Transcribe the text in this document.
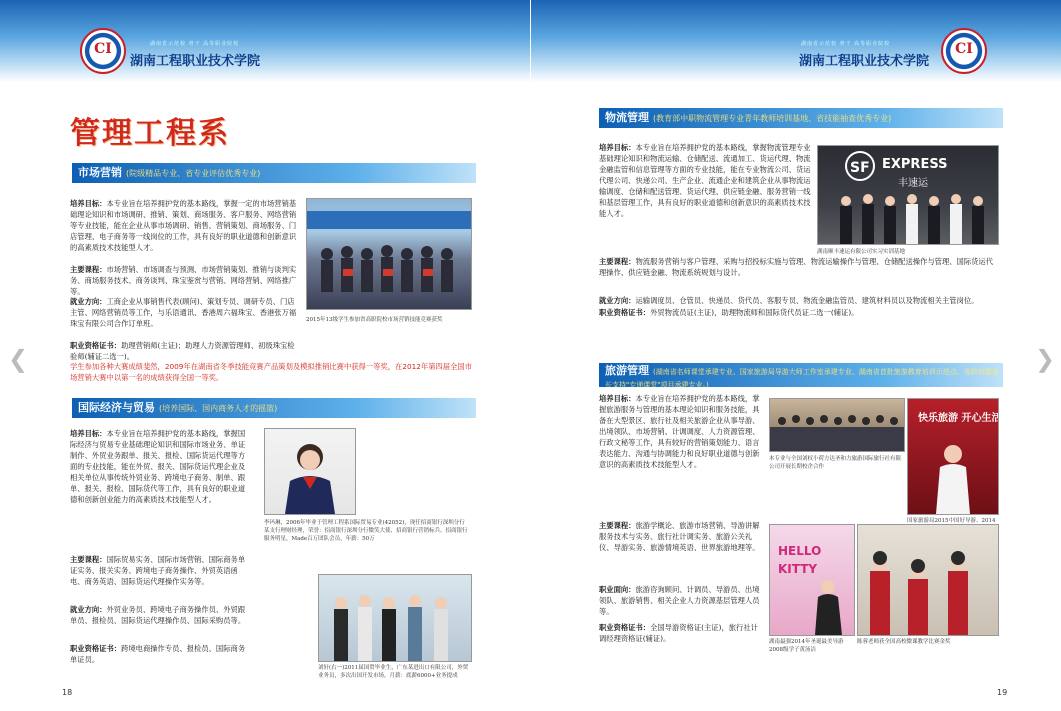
湖南省示范校 骨干 高等职业院校
CI
湖南工程职业技术学院
管理工程系
市场营销 (院级精品专业、省专业评估优秀专业)
培养目标：本专业旨在培养拥护党的基本路线，掌握一定的市场营销基础理论知识和市场调研、推销、策划、商场服务、客户服务、网络营销等专业技能，能在企业从事市场调研、销售、营销策划、商场服务、门店管理、电子商务等一线岗位的工作，具有良好的职业道德和创新意识的高素质技术技能型人才。
主要课程：市场营销、市场调查与预测、市场营销策划、推销与谈判实务、商场服务技术、商务谈判、珠宝鉴赏与营销、网络营销、网络推广等。
就业方向：工商企业从事销售代表(顾问)、策划专员、调研专员、门店主管、网络营销员等工作，与乐语通讯、香港周六福珠宝、香港张万福珠宝有限公司合作订单班。
职业资格证书：助理营销师(主证)；助理人力资源管理师、初级珠宝检验师(辅证二选一)。
学生参加各种大赛成绩斐然，2009年在湖南省冬季技能竞赛产品策划及模拟推销比赛中获得一等奖，在2012年第四届全国市场营销大赛中以第一名的成绩获得全国一等奖。
2015年13级学生参加省高职院校市场营销技能竞赛获奖
国际经济与贸易 (培养国际、国内商务人才的摇篮)
培养目标：本专业旨在培养拥护党的基本路线，掌握国际经济与贸易专业基础理论知识和国际市场业务、单证制作、外贸业务跟单、报关、报检、国际货运代理等方面的专业技能，能在外贸、报关、国际货运代理企业及相关单位从事传统外贸业务、跨境电子商务、制单、跟单、报关、报检、国际货代等工作，具有良好的职业道德和创新创业能力的高素质技术技能型人才。
主要课程：国际贸易实务、国际市场营销、国际商务单证实务、报关实务、跨境电子商务操作、外贸英语函电、商务英语、国际货运代理操作实务等。
就业方向：外贸业务员、跨境电子商务操作员、外贸跟单员、报检员、国际货运代理操作员、国际采购员等。
职业资格证书：跨境电商操作专员、报检员、国际商务单证员。
李玛琳，2006年毕业于管理工程系国际贸易专业(42052)，现任招商银行深圳分行某支行理财经理，荣誉：招商银行深圳分行微笑大使、招商银行营销标兵、招商银行服务明星，Made百万团队会员，年薪：50万
刘轩(右一)2011届国贸毕业生，广东某进出口有限公司，外贸业务员，多次出国开发市场，月薪：底薪6000+业务提成
18
❮
湖南省示范校 骨干 高等职业院校
湖南工程职业技术学院
CI
物流管理 (教育部中职物流管理专业青年教师培训基地、省技能抽查优秀专业)
培养目标：本专业旨在培养拥护党的基本路线，掌握物流管理专业基础理论知识和物流运输、仓储配送、流通加工、货运代理、物流金融监管和信息管理等方面的专业技能，能在专业物流公司、货运代理公司、快递公司、生产企业、流通企业和建筑企业从事物流运输调度、仓储和配送管理、货运代理、供应链金融、服务营销一线和基层管理工作，具有良好的职业道德和创新意识的高素质技术技能人才。
主要课程：物流服务营销与客户管理、采购与招投标实施与管理、物流运输操作与管理、仓储配送操作与管理、国际货运代理操作、供应链金融、物流系统规划与设计。
就业方向：运输调度员、仓管员、快递员、货代员、客服专员、物流金融监管员、建筑材料员以及物流相关主管岗位。
职业资格证书：外贸物流员证(主证)，助理物流师和国际货代员证二选一(辅证)。
SF EXPRESS
丰速运
湖南顺丰速运有限公司实习实训基地
旅游管理 (湖南省名师课堂承建专业、国家旅游局导游大师工作室承建专业、湖南省首批旅游教育培训示范点、省政府副省长支持"专递课堂"项目承建专业。)
培养目标：本专业旨在培养拥护党的基本路线，掌握旅游服务与管理的基本理论知识和服务技能，具备在大型景区、旅行社及相关旅游企业从事导游、出境领队、市场营销、计调调度、人力资源管理、行政文秘等工作，具有较好的营销策划能力、语言表达能力、沟通与协调能力和良好职业道德与创新意识的高素质技术技能型人才。
主要课程：旅游学概论、旅游市场营销、导游讲解服务技术与实务、旅行社计调实务、旅游公关礼仪、导游实务、旅游情境英语、世界旅游地理等。
职业面向：旅游咨询顾问、计调员、导游员、出境领队、旅游销售、相关企业人力资源基层管理人员等。
职业资格证书：全国导游资格证(主证)，旅行社计调经理资格证(辅证)。
本专业与全国刘权小荷方达圣和力旅游国际旅行社有限公司开展长期校企合作
快乐旅游 开心生活
国家旅游局2015中国好导游、2014
HELLO
KITTY
湖南最强2014年圣诞最美导游2008级学子黄汤洁
陈蓉老师获全国高校微课教学比赛金奖
19
❯
